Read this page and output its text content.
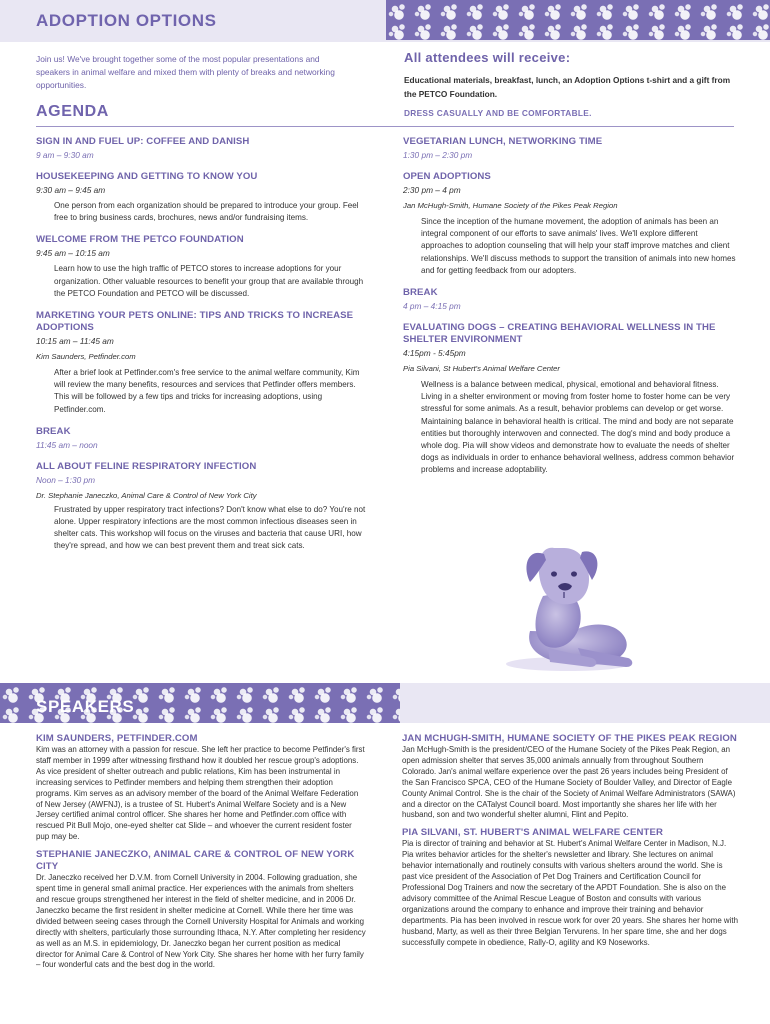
ADOPTION OPTIONS

Join us! We've brought together some of the most popular presentations and speakers in animal welfare and mixed them with plenty of breaks and networking opportunities.

All attendees will receive:

Educational materials, breakfast, lunch, an Adoption Options t-shirt and a gift from the PETCO Foundation.

DRESS CASUALLY AND BE COMFORTABLE.

AGENDA
SIGN IN AND FUEL UP: COFFEE AND DANISH
9 am – 9:30 am
HOUSEKEEPING AND GETTING TO KNOW YOU
9:30 am – 9:45 am
One person from each organization should be prepared to introduce your group. Feel free to bring business cards, brochures, news and/or fundraising items.
WELCOME FROM THE PETCO FOUNDATION
9:45 am – 10:15 am
Learn how to use the high traffic of PETCO stores to increase adoptions for your organization. Other valuable resources to benefit your group that are available through the PETCO Foundation and PETCO will be discussed.
MARKETING YOUR PETS ONLINE: TIPS AND TRICKS TO INCREASE ADOPTIONS
10:15 am – 11:45 am
Kim Saunders, Petfinder.com
After a brief look at Petfinder.com's free service to the animal welfare community, Kim will review the many benefits, resources and services that Petfinder offers members. This will be followed by a few tips and tricks for increasing adoptions, using Petfinder.com.
BREAK
11:45 am – noon
ALL ABOUT FELINE RESPIRATORY INFECTION
Noon – 1:30 pm
Dr. Stephanie Janeczko, Animal Care & Control of New York City
Frustrated by upper respiratory tract infections? Don't know what else to do? You're not alone. Upper respiratory infections are the most common infectious diseases seen in shelter cats. This workshop will focus on the viruses and bacteria that cause URI, how they're spread, and how we can best prevent them and treat sick cats.
VEGETARIAN LUNCH, NETWORKING TIME
1:30 pm – 2:30 pm
OPEN ADOPTIONS
2:30 pm – 4 pm
Jan McHugh-Smith, Humane Society of the Pikes Peak Region
Since the inception of the humane movement, the adoption of animals has been an integral component of our efforts to save animals' lives. We'll explore different approaches to adoption counseling that will help your staff improve matches and client relationships. We'll discuss methods to support the transition of animals into new homes and for getting feedback from our adopters.
BREAK
4 pm – 4:15 pm
EVALUATING DOGS – CREATING BEHAVIORAL WELLNESS IN THE SHELTER ENVIRONMENT
4:15pm - 5:45pm
Pia Silvani, St Hubert's Animal Welfare Center
Wellness is a balance between medical, physical, emotional and behavioral fitness. Living in a shelter environment or moving from foster home to foster home can be very stressful for some animals. As a result, behavior problems can develop or get worse. Maintaining balance in behavioral health is critical. The mind and body are not separate entities but thoroughly interwoven and connected. The dog's mind and body produce a whole dog. Pia will show videos and demonstrate how to evaluate the needs of shelter dogs as individuals in order to enhance behavioral wellness, address common behavior problems and increase adoptability.
SPEAKERS
KIM SAUNDERS, PETFINDER.COM
Kim was an attorney with a passion for rescue. She left her practice to become Petfinder's first staff member in 1999 after witnessing firsthand how it doubled her rescue group's adoptions. As vice president of shelter outreach and public relations, Kim has been instrumental in increasing services to Petfinder members and helping them strengthen their adoption programs. Kim serves as an advisory member of the board of the Animal Welfare Federation of New Jersey (AWFNJ), is a trustee of St. Hubert's Animal Welfare Society and is a New Jersey certified animal control officer. She shares her home and Petfinder.com office with rescued Pit Bull Mojo, one-eyed shelter cat Slide – and whoever the current resident foster pup may be.
STEPHANIE JANECZKO, ANIMAL CARE & CONTROL OF NEW YORK CITY
Dr. Janeczko received her D.V.M. from Cornell University in 2004. Following graduation, she spent time in general small animal practice. Her experiences with the animals from shelters and rescue groups strengthened her interest in the field of shelter medicine, and in 2006 Dr. Janeczko became the first resident in shelter medicine at Cornell. While there her time was divided between seeing cases through the Cornell University Hospital for Animals and working directly with shelters, particularly those surrounding Ithaca, N.Y. After completing her residency as well as an M.S. in epidemiology, Dr. Janeczko began her current position as medical director for Animal Care & Control of New York City. She shares her home with her furry family – four wonderful cats and the best dog in the world.
JAN MCHUGH-SMITH, HUMANE SOCIETY OF THE PIKES PEAK REGION
Jan McHugh-Smith is the president/CEO of the Humane Society of the Pikes Peak Region, an open admission shelter that serves 35,000 animals annually from throughout Southern Colorado. Jan's animal welfare experience over the past 26 years includes being President of the San Francisco SPCA, CEO of the Humane Society of Boulder Valley, and Director of Eagle County Animal Control. She is the chair of the Society of Animal Welfare Administrators (SAWA) and a director on the CATalyst Council board. Most importantly she shares her life with her husband, son and two wonderful shelter alumni, Flint and Pepito.
PIA SILVANI, ST. HUBERT'S ANIMAL WELFARE CENTER
Pia is director of training and behavior at St. Hubert's Animal Welfare Center in Madison, N.J. Pia writes behavior articles for the shelter's newsletter and library. She lectures on animal behavior internationally and routinely consults with various shelters around the world. She is past vice president of the Association of Pet Dog Trainers and Certification Council for Professional Dog Trainers and now the secretary of the APDT Foundation. She is also on the advisory committee of the Animal Rescue League of Boston and consults with various organizations around the company to enhance and improve their training and behavior departments. Pia has been involved in rescue work for over 20 years. She shares her home with husband, Marty, as well as their three Belgian Tervurens. In her spare time, she and her dogs successfully compete in obedience, Rally-O, agility and K9 Noseworks.
